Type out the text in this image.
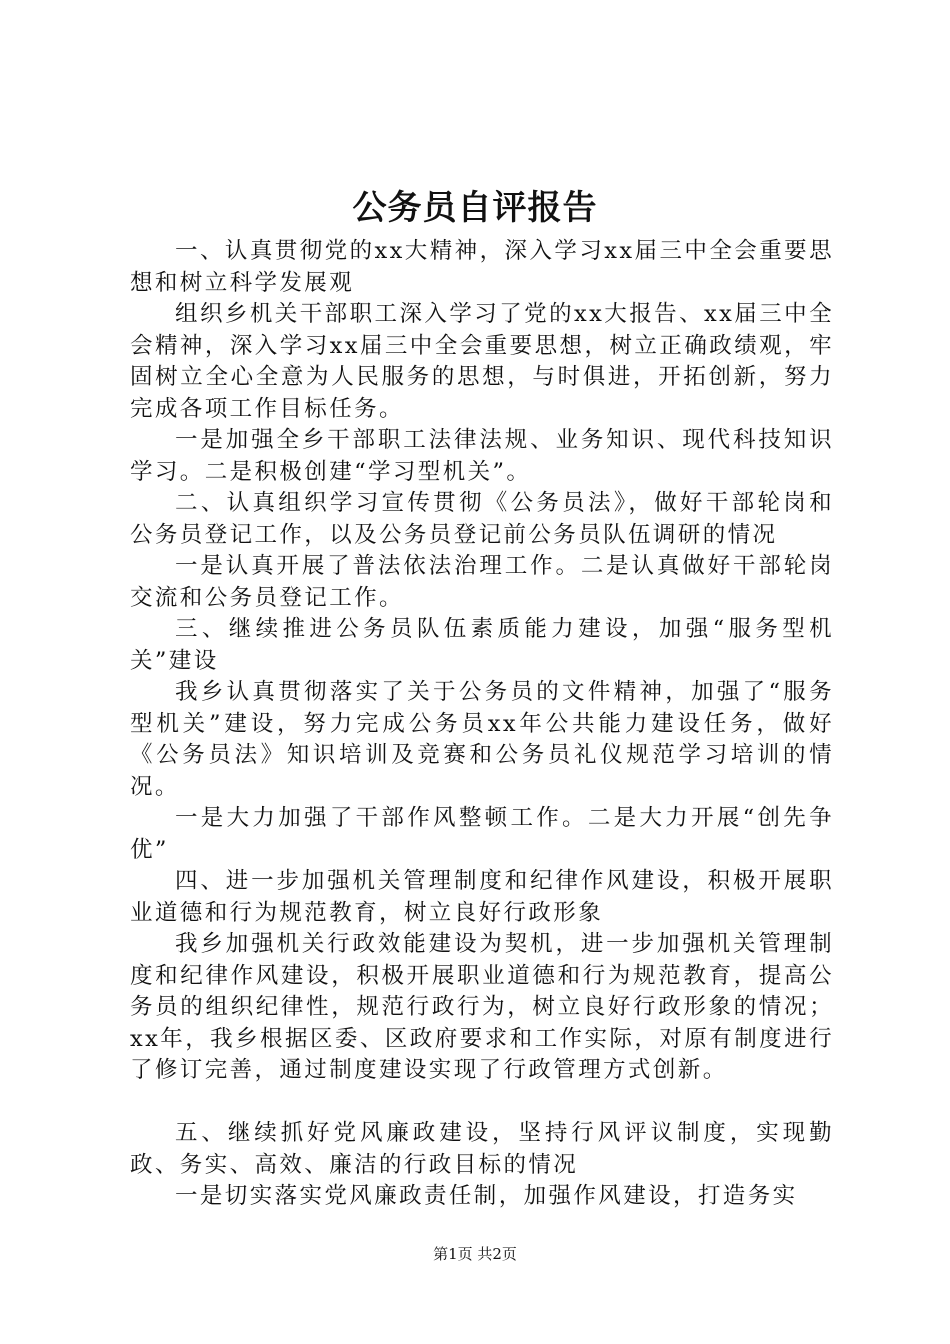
公务员自评报告

一、认真贯彻党的xx大精神，深入学习xx届三中全会重要思想和树立科学发展观

组织乡机关干部职工深入学习了党的xx大报告、xx届三中全会精神，深入学习xx届三中全会重要思想，树立正确政绩观，牢固树立全心全意为人民服务的思想，与时俱进，开拓创新，努力完成各项工作目标任务。

一是加强全乡干部职工法律法规、业务知识、现代科技知识学习。二是积极创建“学习型机关”。

二、认真组织学习宣传贯彻《公务员法》，做好干部轮岗和公务员登记工作，以及公务员登记前公务员队伍调研的情况

一是认真开展了普法依法治理工作。二是认真做好干部轮岗交流和公务员登记工作。

三、继续推进公务员队伍素质能力建设，加强“服务型机关”建设

我乡认真贯彻落实了关于公务员的文件精神，加强了“服务型机关”建设，努力完成公务员xx年公共能力建设任务，做好《公务员法》知识培训及竞赛和公务员礼仪规范学习培训的情况。

一是大力加强了干部作风整顿工作。二是大力开展“创先争优”

四、进一步加强机关管理制度和纪律作风建设，积极开展职业道德和行为规范教育，树立良好行政形象

我乡加强机关行政效能建设为契机，进一步加强机关管理制度和纪律作风建设，积极开展职业道德和行为规范教育，提高公务员的组织纪律性，规范行政行为，树立良好行政形象的情况；xx年，我乡根据区委、区政府要求和工作实际，对原有制度进行了修订完善，通过制度建设实现了行政管理方式创新。

五、继续抓好党风廉政建设，坚持行风评议制度，实现勤政、务实、高效、廉洁的行政目标的情况

一是切实落实党风廉政责任制，加强作风建设，打造务实

第1页 共2页
